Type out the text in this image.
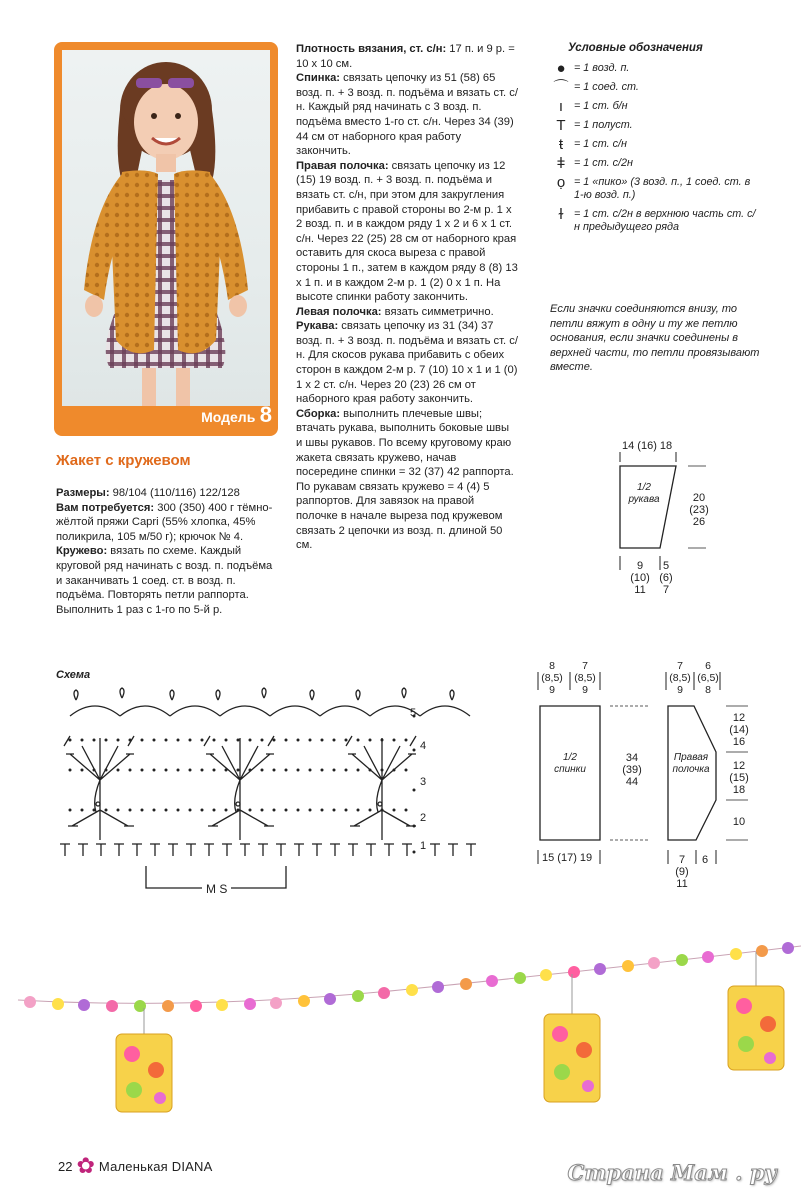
Модель 8
Жакет с кружевом

Размеры: 98/104 (110/116) 122/128

Вам потребуется: 300 (350) 400 г тёмно-жёлтой пряжи Capri (55% хлопка, 45% поликрила, 105 м/50 г); крючок № 4.

Кружево: вязать по схеме. Каждый круговой ряд начинать с возд. п. подъёма и заканчивать 1 соед. ст. в возд. п. подъёма. Повторять петли раппорта. Выполнить 1 раз с 1-го по 5-й р.

Плотность вязания, ст. с/н: 17 п. и 9 р. = 10 x 10 см.

Спинка: связать цепочку из 51 (58) 65 возд. п. + 3 возд. п. подъёма и вязать ст. с/н. Каждый ряд начинать с 3 возд. п. подъёма вместо 1-го ст. с/н. Через 34 (39) 44 см от наборного края работу закончить.

Правая полочка: связать цепочку из 12 (15) 19 возд. п. + 3 возд. п. подъёма и вязать ст. с/н, при этом для закругления прибавить с правой стороны во 2-м р. 1 x 2 возд. п. и в каждом ряду 1 x 2 и 6 x 1 ст. с/н. Через 22 (25) 28 см от наборного края оставить для скоса выреза с правой стороны 1 п., затем в каждом ряду 8 (8) 13 x 1 п. и в каждом 2-м р. 1 (2) 0 x 1 п. На высоте спинки работу закончить.

Левая полочка: вязать симметрично.

Рукава: связать цепочку из 31 (34) 37 возд. п. + 3 возд. п. подъёма и вязать ст. с/н. Для скосов рукава прибавить с обеих сторон в каждом 2-м р. 7 (10) 10 x 1 и 1 (0) 1 x 2 ст. с/н. Через 20 (23) 26 см от наборного края работу закончить.

Сборка: выполнить плечевые швы; втачать рукава, выполнить боковые швы и швы рукавов. По всему круговому краю жакета связать кружево, начав посередине спинки = 32 (37) 42 раппорта. По рукавам связать кружево = 4 (4) 5 раппортов. Для завязок на правой полочке в начале выреза под кружевом связать 2 цепочки из возд. п. длиной 50 см.

Условные обозначения
● = 1 возд. п.
⌒ = 1 соед. ст.
ı	= 1 ст. б/н
T = 1 полуст.
ŧ	= 1 ст. с/н
ǂ = 1 ст. с/2н
ọ = 1 «пико» (3 возд. п., 1 соед. ст. в 1-ю возд. п.)
ɫ = 1 ст. с/2н в верхнюю часть ст. с/н предыдущего ряда
Если значки соединяются внизу, то петли вяжут в одну и ту же петлю основания, если значки соединены в верхней части, то петли провязывают вместе.
14 (16) 18
1/2 рукава	20
(23)
26
9
(10)
11
5
(6)
7
Схема
5
4
3
2
1
M S
8
(8,5)
9
7
(8,5)
9
1/2 спинки
34
(39)
44
15 (17) 19
7
(8,5)
9
6
(6,5)
8
Правая полочка
12
(14)
16
12
(15)
18
10
7
(9)
11
6
22 ✿ Маленькая DIANA	Страна Мам . ру
